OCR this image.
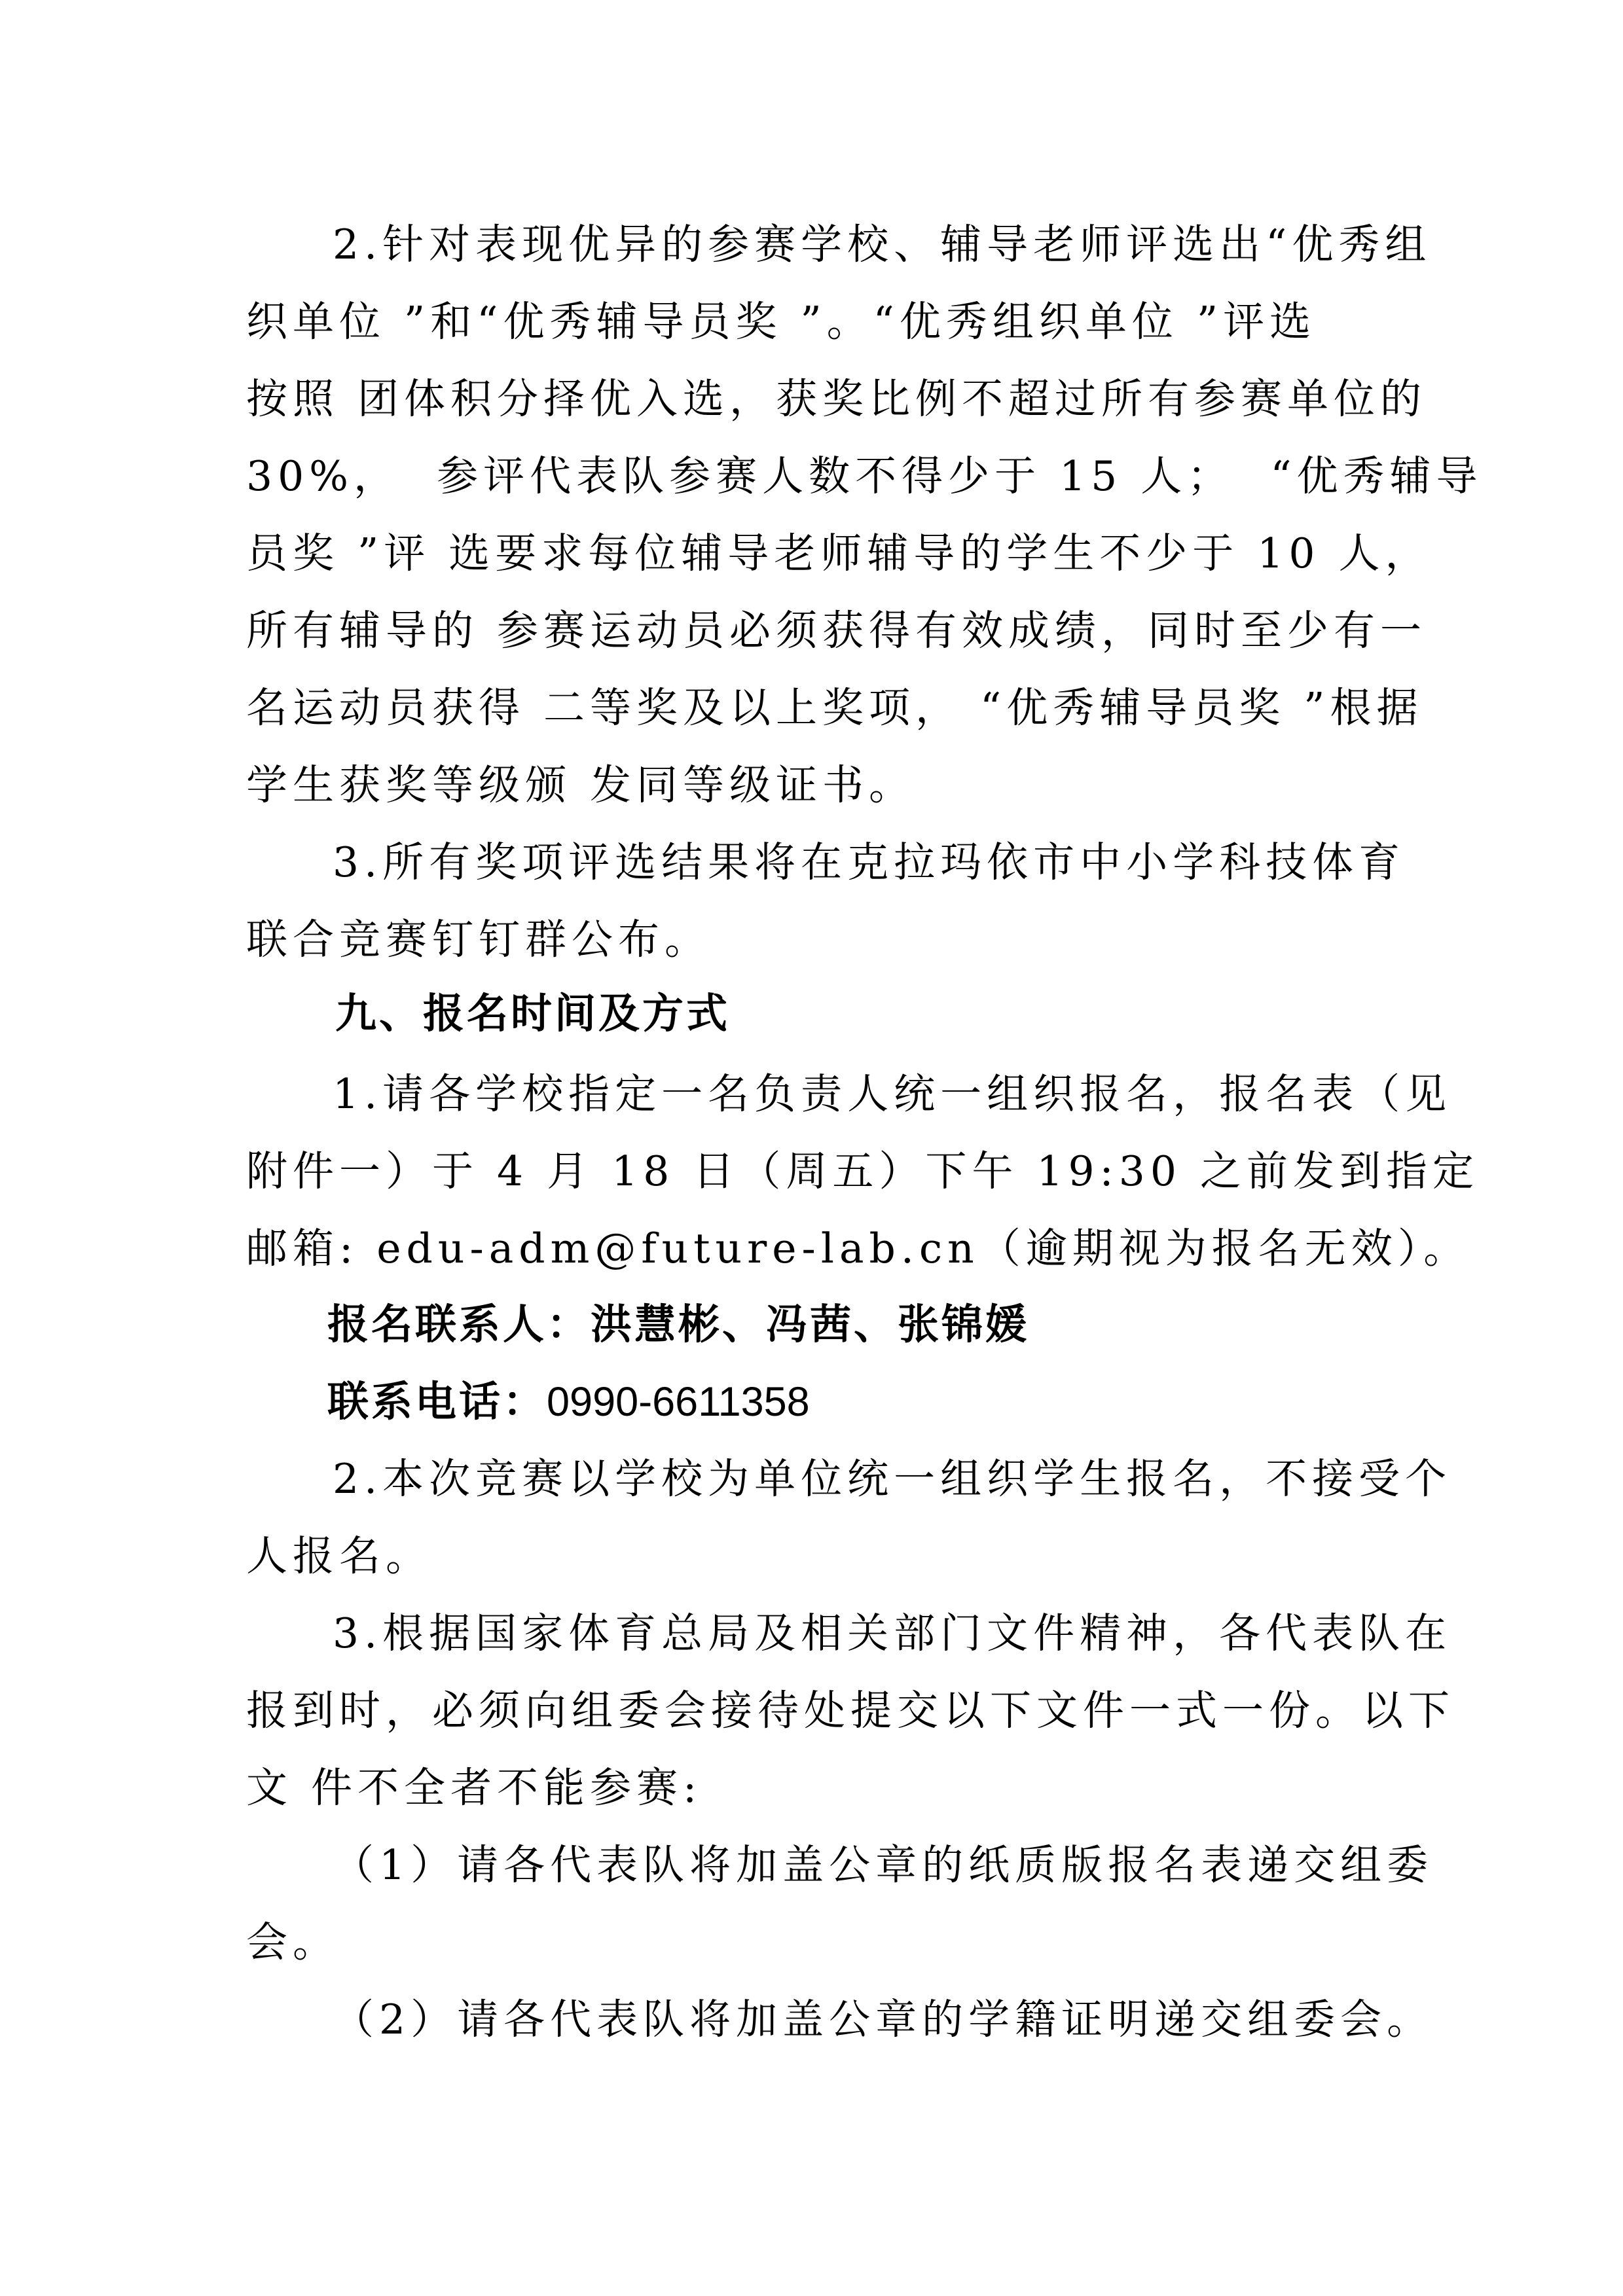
2.针对表现优异的参赛学校、辅导老师评选出“优秀组
织单位 ”和“优秀辅导员奖 ”。“优秀组织单位 ”评选
按照 团体积分择优入选，获奖比例不超过所有参赛单位的
30%，  参评代表队参赛人数不得少于 15 人；  “优秀辅导
员奖 ”评 选要求每位辅导老师辅导的学生不少于 10 人，
所有辅导的 参赛运动员必须获得有效成绩，同时至少有一
名运动员获得 二等奖及以上奖项， “优秀辅导员奖 ”根据
学生获奖等级颁 发同等级证书。
3.所有奖项评选结果将在克拉玛依市中小学科技体育
联合竞赛钉钉群公布。
九、报名时间及方式
1.请各学校指定一名负责人统一组织报名，报名表（见
附件一）于 4 月 18 日（周五）下午 19:30 之前发到指定
邮箱: edu-adm@future-lab.cn（逾期视为报名无效）。
报名联系人：洪慧彬、冯茜、张锦媛
联系电话：0990-6611358
2.本次竞赛以学校为单位统一组织学生报名，不接受个
人报名。
3.根据国家体育总局及相关部门文件精神，各代表队在
报到时，必须向组委会接待处提交以下文件一式一份。以下
文 件不全者不能参赛:
（1）请各代表队将加盖公章的纸质版报名表递交组委
会。
（2）请各代表队将加盖公章的学籍证明递交组委会。
